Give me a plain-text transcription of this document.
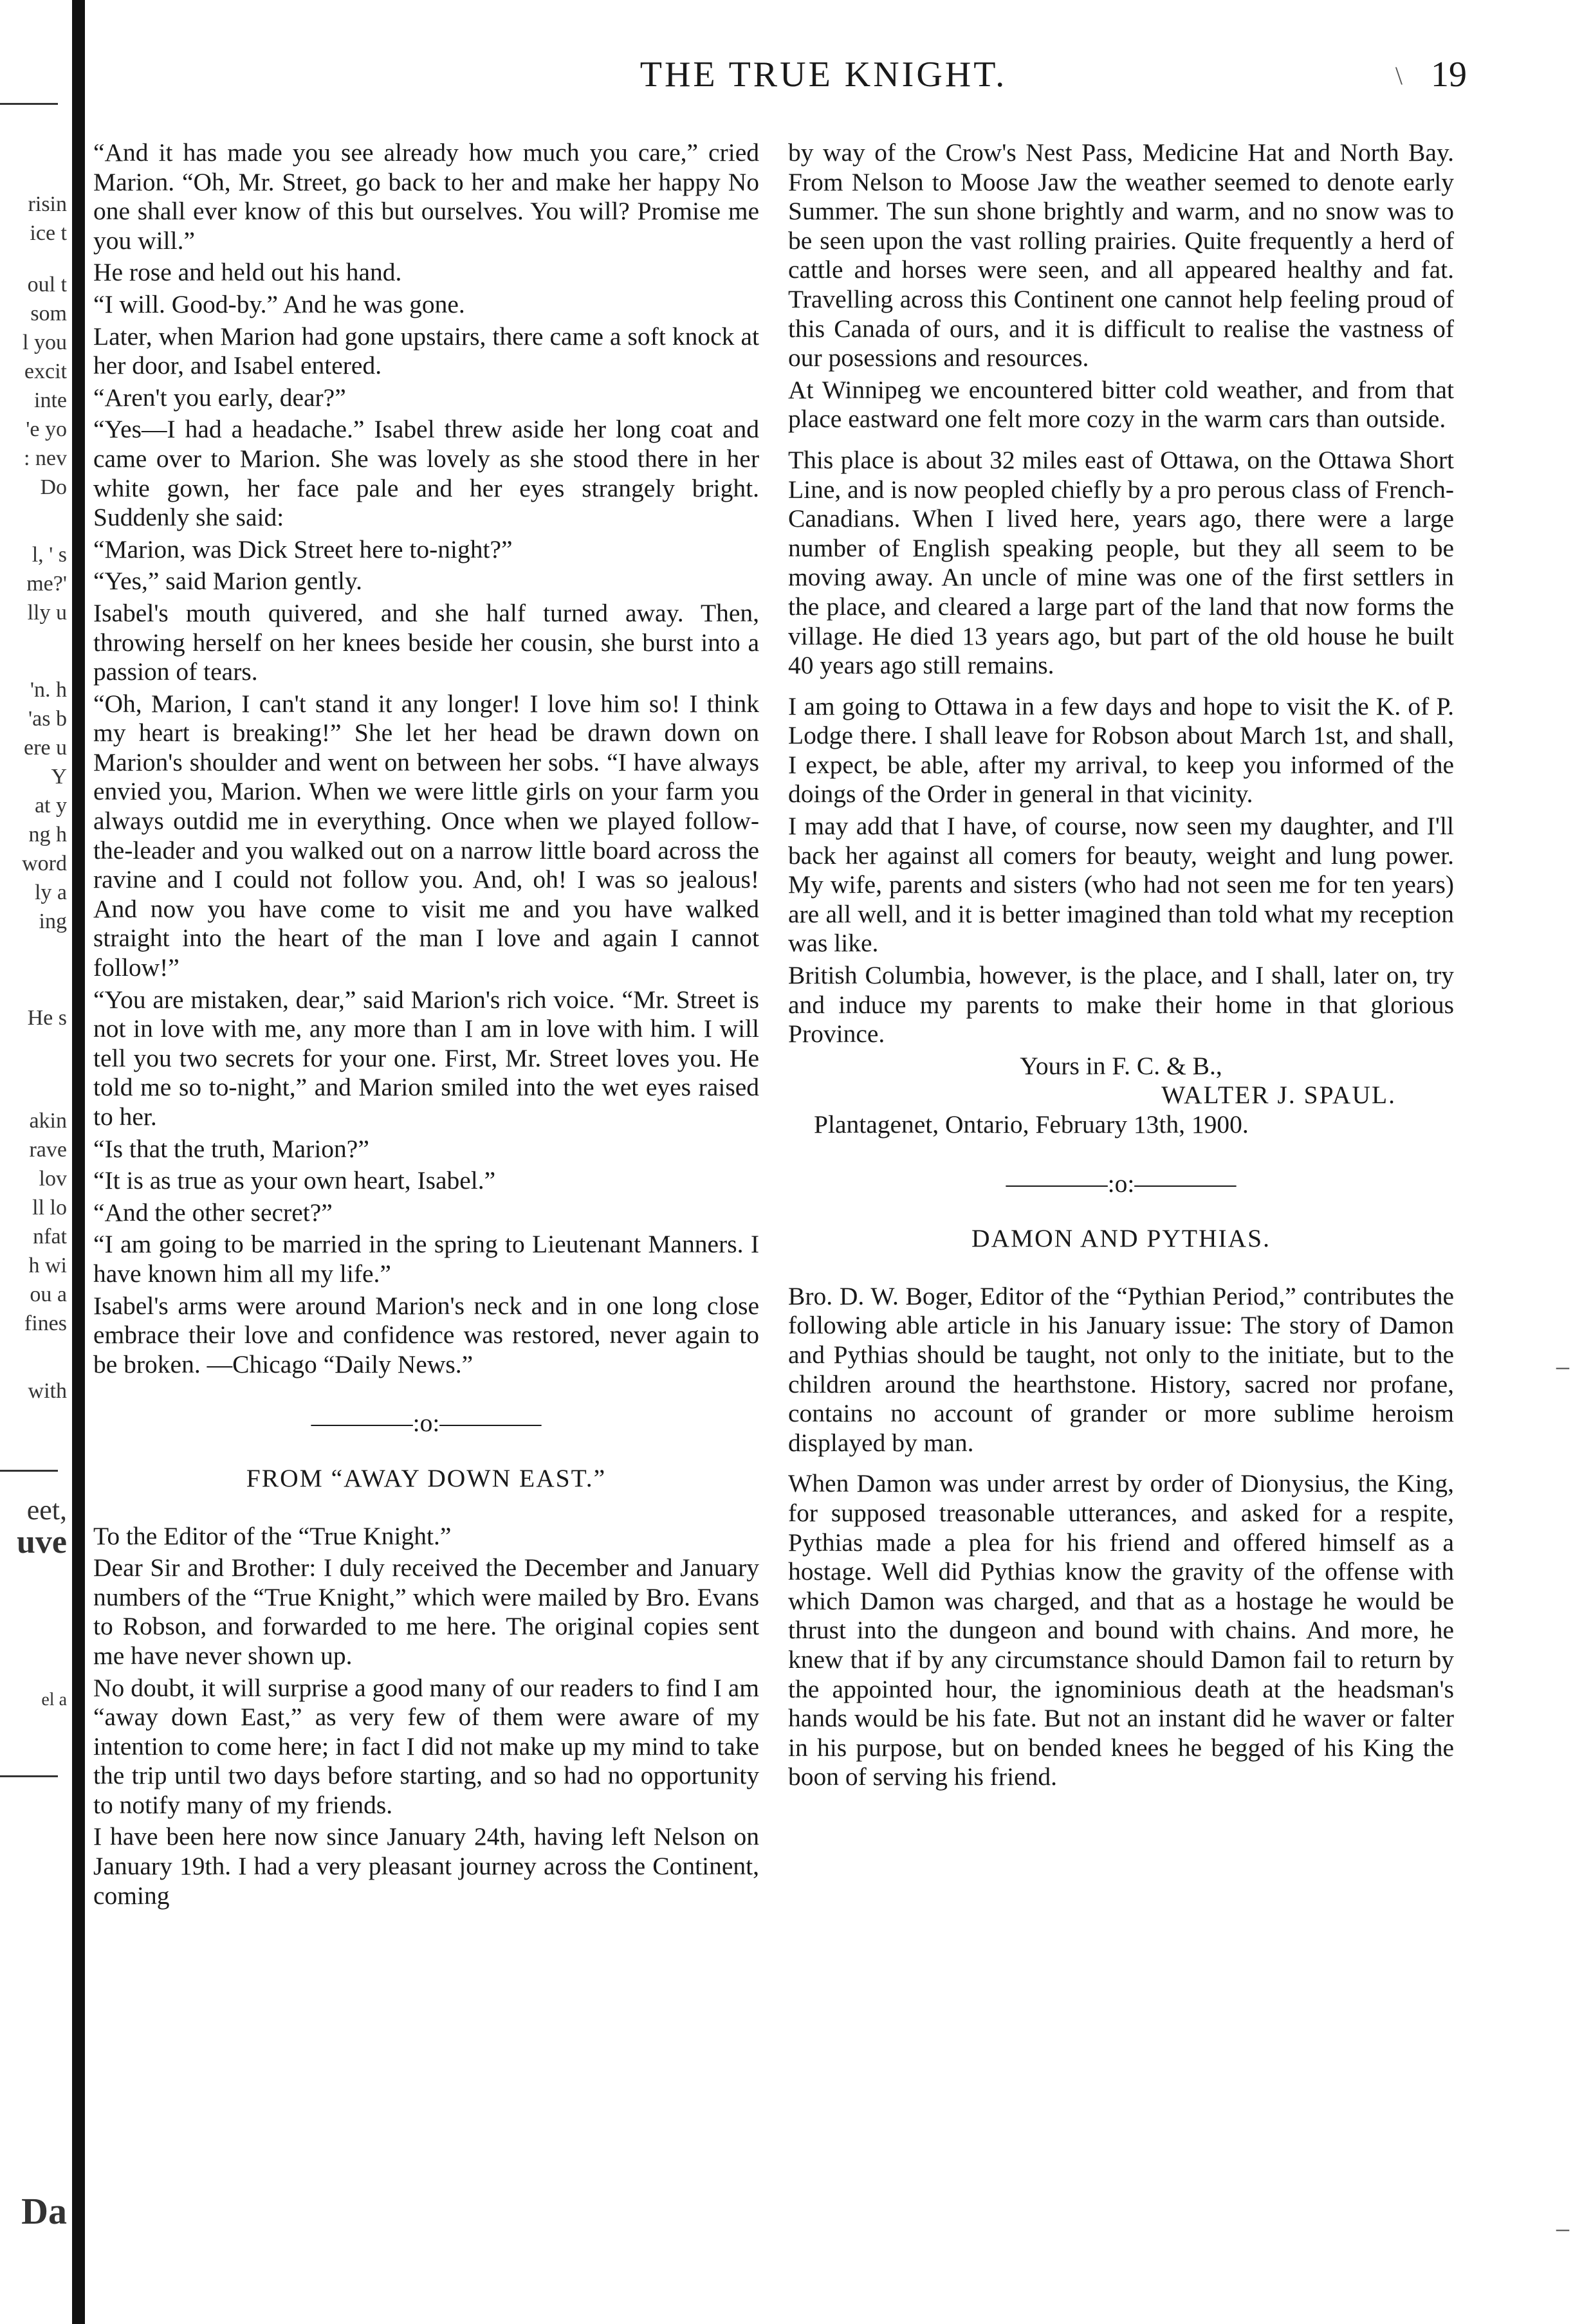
risin
ice t
oul t
som
l you
excit
inte
'e yo
: nev
Do
l, ' s
me?'
lly u
'n. h
'as b
ere u
Y
at y
ng h
word
ly a
ing
He s
akin
rave
lov
ll lo
nfat
h wi
ou a
fines
with
eet,
uve
el a
Da
THE TRUE KNIGHT.	\ 19

“And it has made you see already how much you care,” cried Marion. “Oh, Mr. Street, go back to her and make her happy No one shall ever know of this but ourselves. You will? Promise me you will.”

He rose and held out his hand.

“I will. Good-by.” And he was gone.

Later, when Marion had gone upstairs, there came a soft knock at her door, and Isabel entered.

“Aren't you early, dear?”

“Yes—I had a headache.” Isabel threw aside her long coat and came over to Marion. She was lovely as she stood there in her white gown, her face pale and her eyes strangely bright. Suddenly she said:

“Marion, was Dick Street here to-night?”

“Yes,” said Marion gently.

Isabel's mouth quivered, and she half turned away. Then, throwing herself on her knees beside her cousin, she burst into a passion of tears.

“Oh, Marion, I can't stand it any longer! I love him so! I think my heart is breaking!” She let her head be drawn down on Marion's shoulder and went on between her sobs. “I have always envied you, Marion. When we were little girls on your farm you always outdid me in everything. Once when we played follow-the-leader and you walked out on a narrow little board across the ravine and I could not follow you. And, oh! I was so jealous! And now you have come to visit me and you have walked straight into the heart of the man I love and again I cannot follow!”

“You are mistaken, dear,” said Marion's rich voice. “Mr. Street is not in love with me, any more than I am in love with him. I will tell you two secrets for your one. First, Mr. Street loves you. He told me so to-night,” and Marion smiled into the wet eyes raised to her.

“Is that the truth, Marion?”

“It is as true as your own heart, Isabel.”

“And the other secret?”

“I am going to be married in the spring to Lieutenant Manners. I have known him all my life.”

Isabel's arms were around Marion's neck and in one long close embrace their love and confidence was restored, never again to be broken. —Chicago “Daily News.”

————:o:————
FROM “AWAY DOWN EAST.”

To the Editor of the “True Knight.”

Dear Sir and Brother: I duly received the December and January numbers of the “True Knight,” which were mailed by Bro. Evans to Robson, and forwarded to me here. The original copies sent me have never shown up.

No doubt, it will surprise a good many of our readers to find I am “away down East,” as very few of them were aware of my intention to come here; in fact I did not make up my mind to take the trip until two days before starting, and so had no opportunity to notify many of my friends.

I have been here now since January 24th, having left Nelson on January 19th. I had a very pleasant journey across the Continent, coming

by way of the Crow's Nest Pass, Medicine Hat and North Bay. From Nelson to Moose Jaw the weather seemed to denote early Summer. The sun shone brightly and warm, and no snow was to be seen upon the vast rolling prairies. Quite frequently a herd of cattle and horses were seen, and all appeared healthy and fat. Travelling across this Continent one cannot help feeling proud of this Canada of ours, and it is difficult to realise the vastness of our posessions and resources.

At Winnipeg we encountered bitter cold weather, and from that place eastward one felt more cozy in the warm cars than outside.

This place is about 32 miles east of Ottawa, on the Ottawa Short Line, and is now peopled chiefly by a pro perous class of French-Canadians. When I lived here, years ago, there were a large number of English speaking people, but they all seem to be moving away. An uncle of mine was one of the first settlers in the place, and cleared a large part of the land that now forms the village. He died 13 years ago, but part of the old house he built 40 years ago still remains.

I am going to Ottawa in a few days and hope to visit the K. of P. Lodge there. I shall leave for Robson about March 1st, and shall, I expect, be able, after my arrival, to keep you informed of the doings of the Order in general in that vicinity.

I may add that I have, of course, now seen my daughter, and I'll back her against all comers for beauty, weight and lung power. My wife, parents and sisters (who had not seen me for ten years) are all well, and it is better imagined than told what my reception was like.

British Columbia, however, is the place, and I shall, later on, try and induce my parents to make their home in that glorious Province.

Yours in F. C. & B.,
WALTER J. SPAUL.
Plantagenet, Ontario, February 13th, 1900.
————:o:————
DAMON AND PYTHIAS.

Bro. D. W. Boger, Editor of the “Pythian Period,” contributes the following able article in his January issue: The story of Damon and Pythias should be taught, not only to the initiate, but to the children around the hearthstone. History, sacred nor profane, contains no account of grander or more sublime heroism displayed by man.

When Damon was under arrest by order of Dionysius, the King, for supposed treasonable utterances, and asked for a respite, Pythias made a plea for his friend and offered himself as a hostage. Well did Pythias know the gravity of the offense with which Damon was charged, and that as a hostage he would be thrust into the dungeon and bound with chains. And more, he knew that if by any circumstance should Damon fail to return by the appointed hour, the ignominious death at the headsman's hands would be his fate. But not an instant did he waver or falter in his purpose, but on bended knees he begged of his King the boon of serving his friend.

–
–
